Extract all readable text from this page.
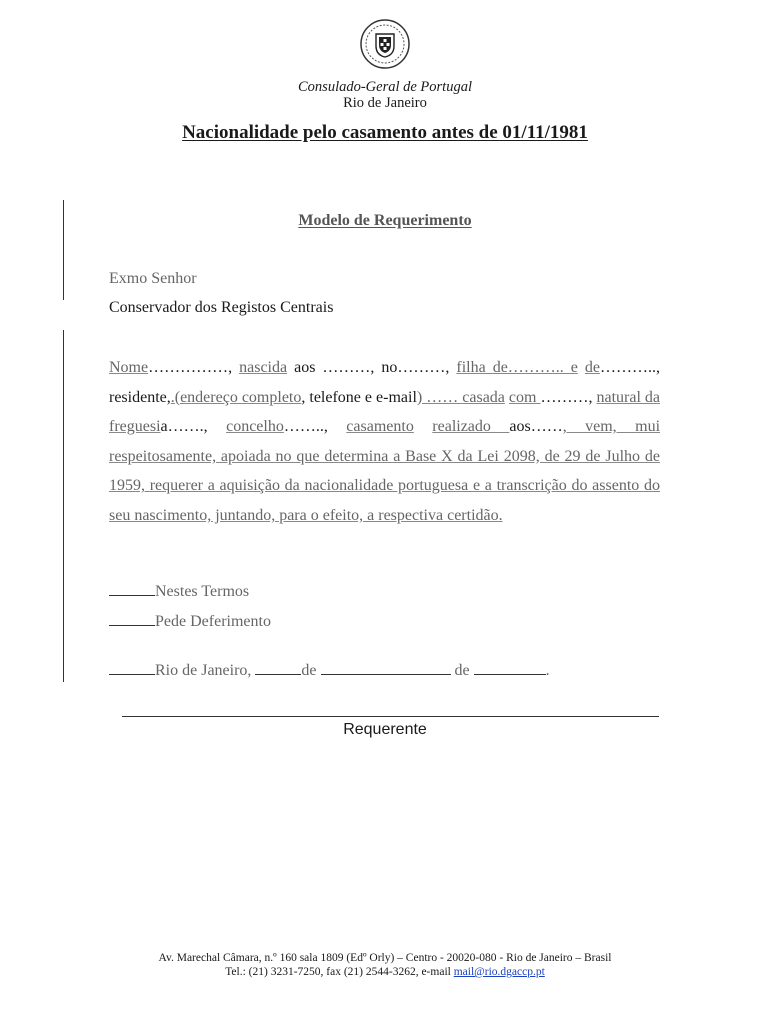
Consulado-Geral de Portugal
Rio de Janeiro
Nacionalidade pelo casamento antes de 01/11/1981
Modelo de Requerimento
Exmo Senhor
Conservador dos Registos Centrais
Nome……………, nascida aos ………, no………, filha de……….. e de……….., residente,.(endereço completo, telefone e e-mail) …… casada com ………, natural da freguesia……., concelho…….., casamento realizado aos……, vem, mui respeitosamente, apoiada no que determina a Base X da Lei 2098, de 29 de Julho de 1959, requerer a aquisição da nacionalidade portuguesa e a transcrição do assento do seu nascimento, juntando, para o efeito, a respectiva certidão.
Nestes Termos
Pede Deferimento
Rio de Janeiro,	de	de	.
Requerente
Av. Marechal Câmara, n.º 160 sala 1809 (Edº Orly) – Centro - 20020-080 - Rio de Janeiro – Brasil
Tel.: (21) 3231-7250, fax (21) 2544-3262, e-mail mail@rio.dgaccp.pt
